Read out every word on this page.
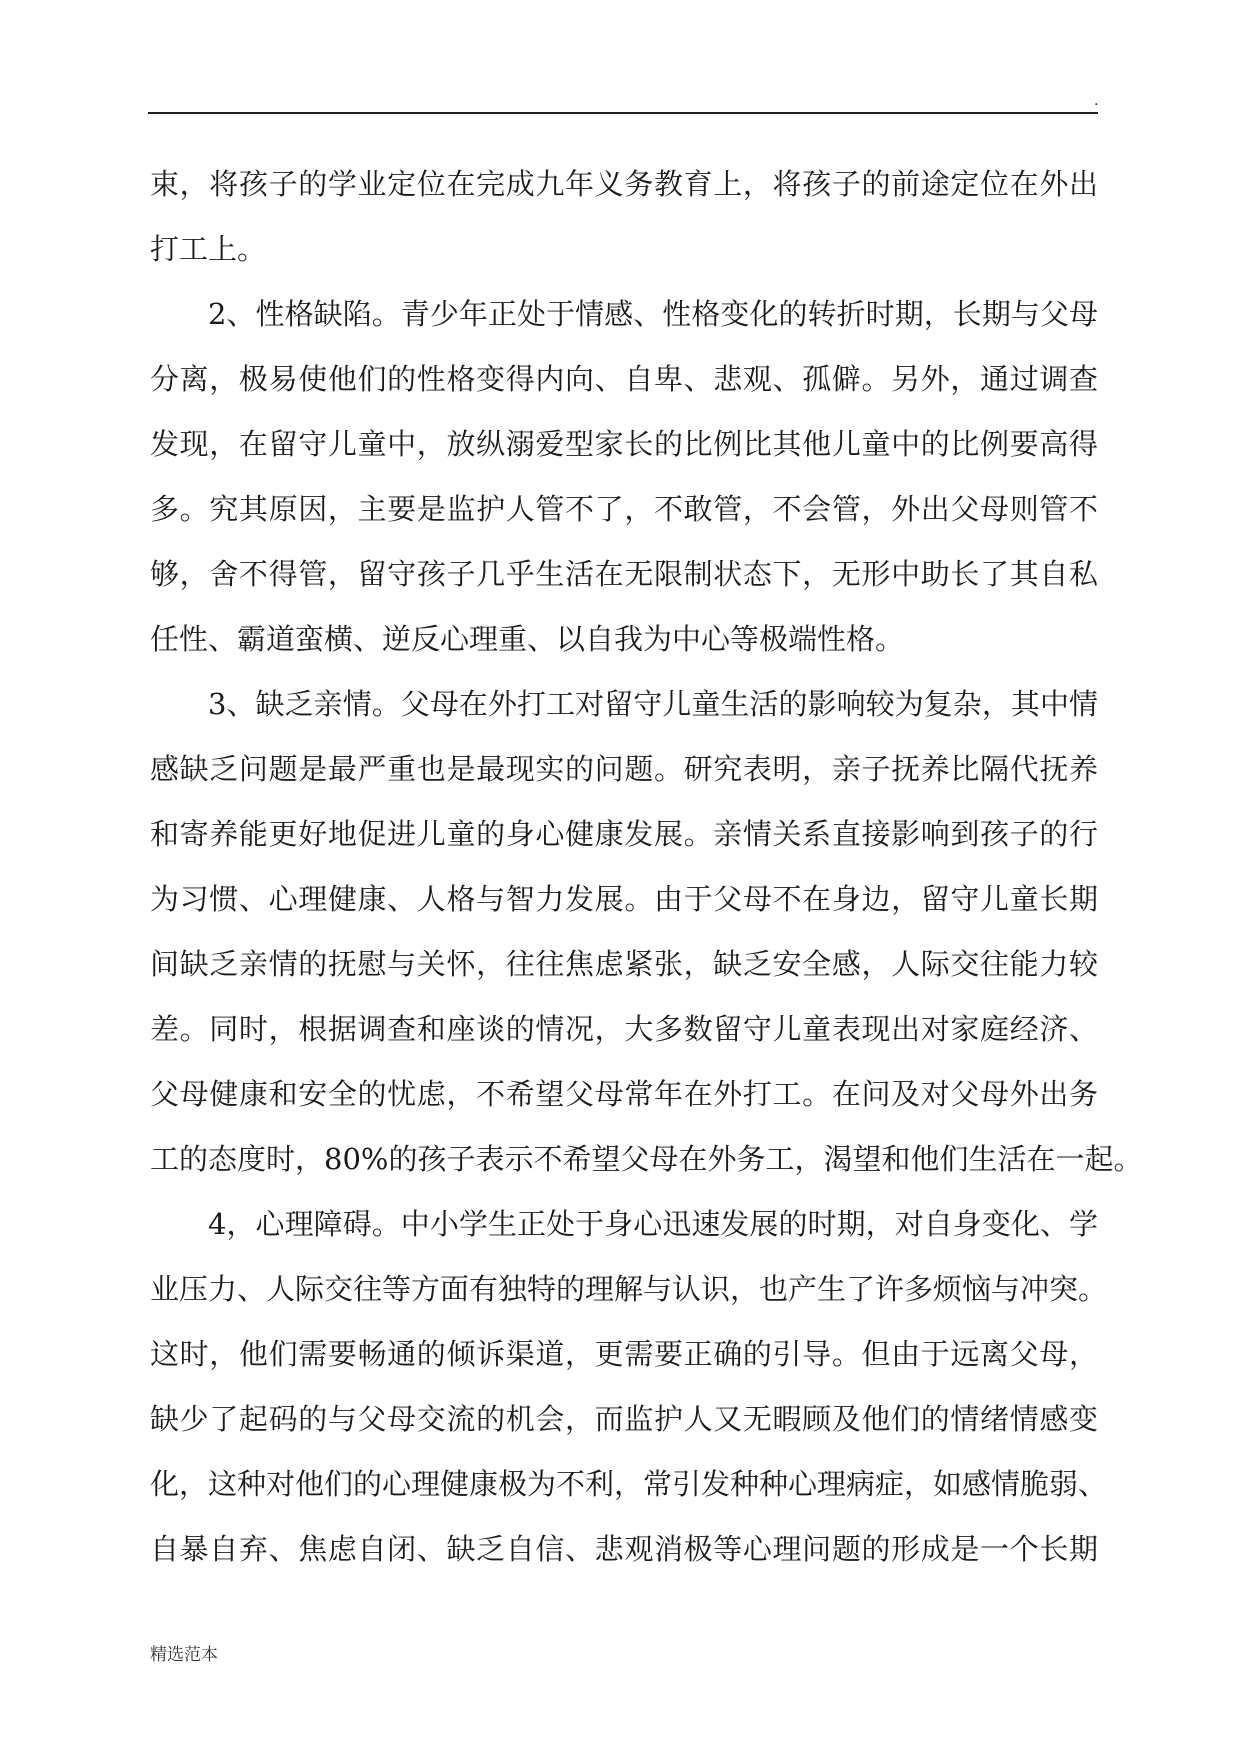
.
束，将孩子的学业定位在完成九年义务教育上，将孩子的前途定位在外出
打工上。
2、性格缺陷。青少年正处于情感、性格变化的转折时期，长期与父母
分离，极易使他们的性格变得内向、自卑、悲观、孤僻。另外，通过调查
发现，在留守儿童中，放纵溺爱型家长的比例比其他儿童中的比例要高得
多。究其原因，主要是监护人管不了，不敢管，不会管，外出父母则管不
够，舍不得管，留守孩子几乎生活在无限制状态下，无形中助长了其自私
任性、霸道蛮横、逆反心理重、以自我为中心等极端性格。
3、缺乏亲情。父母在外打工对留守儿童生活的影响较为复杂，其中情
感缺乏问题是最严重也是最现实的问题。研究表明，亲子抚养比隔代抚养
和寄养能更好地促进儿童的身心健康发展。亲情关系直接影响到孩子的行
为习惯、心理健康、人格与智力发展。由于父母不在身边，留守儿童长期
间缺乏亲情的抚慰与关怀，往往焦虑紧张，缺乏安全感，人际交往能力较
差。同时，根据调查和座谈的情况，大多数留守儿童表现出对家庭经济、
父母健康和安全的忧虑，不希望父母常年在外打工。在问及对父母外出务
工的态度时，80%的孩子表示不希望父母在外务工，渴望和他们生活在一起。
4，心理障碍。中小学生正处于身心迅速发展的时期，对自身变化、学
业压力、人际交往等方面有独特的理解与认识，也产生了许多烦恼与冲突。
这时，他们需要畅通的倾诉渠道，更需要正确的引导。但由于远离父母，
缺少了起码的与父母交流的机会，而监护人又无暇顾及他们的情绪情感变
化，这种对他们的心理健康极为不利，常引发种种心理病症，如感情脆弱、
自暴自弃、焦虑自闭、缺乏自信、悲观消极等心理问题的形成是一个长期
精选范本
